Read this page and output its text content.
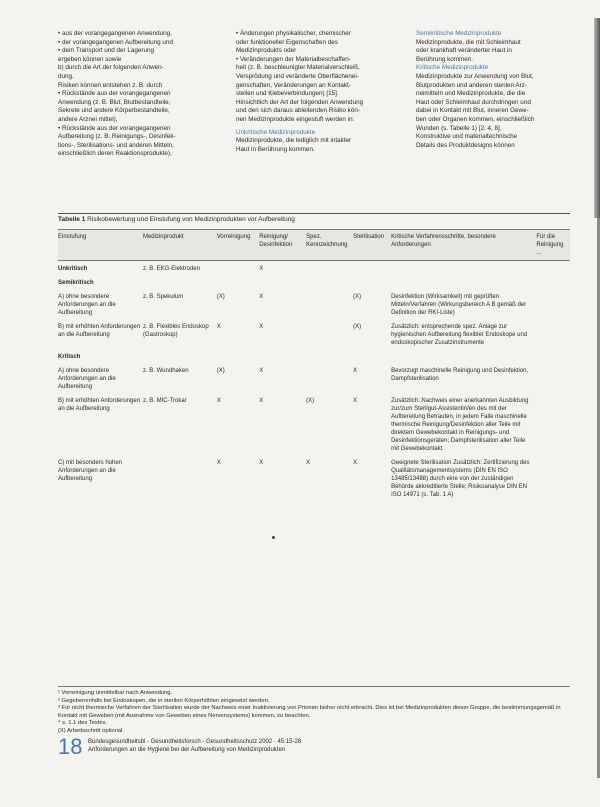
• aus der vorangegangenen Anwendung,

• der vorangegangenen Aufbereitung und

• dem Transport und der Lagerung

ergeben können sowie

b) durch die Art der folgenden Anwen-

dung.

Risiken können entstehen z. B. durch

• Rückstände aus der vorangegangenen

Anwendung (z. B. Blut, Blutbestandteile,

Sekrete und andere Körperbestandteile,

andere Arznei mittel),

• Rückstände aus der vorangegangenen

Aufbereitung (z. B. Reinigungs-, Desinfek-

tions-, Sterilisations- und anderen Mitteln,

einschließlich deren Reaktionsprodukte),

• Änderungen physikalischer, chemischer

oder funktioneller Eigenschaften des

Medizinprodukts oder

• Veränderungen der Materialbeschaffen-

heit (z. B. beschleunigter Materialverschleiß,

Versprödung und veränderte Oberflächenei-

genschaften, Veränderungen an Kontakt-

stellen und Klebeverbindungen) [15].

Hinsichtlich der Art der folgenden Anwendung

und den sich daraus ableitenden Risiko kön-

nen Medizinprodukte eingestuft werden in:

Unkritische Medizinprodukte

Medizinprodukte, die lediglich mit intakter

Haut in Berührung kommen.

Semikritische Medizinprodukte

Medizinprodukte, die mit Schleimhaut

oder krankhaft veränderter Haut in

Berührung kommen.

Kritische Medizinprodukte

Medizinprodukte zur Anwendung von Blut,

Blutprodukten und anderen sterilen Arz-

neimitteln und Medizinprodukte, die die

Haut oder Schleimhaut durchdringen und

dabei in Kontakt mit Blut, inneren Gewe-

ben oder Organen kommen, einschließlich

Wunden (s. Tabelle 1) [2, 4, 8].

Konstruktive und materialtechnische

Details des Produktdesigns können

Tabelle 1 Risikobewertung und Einstufung von Medizinprodukten vor Aufbereitung

Einstufung	Medizinprodukt	Vorreinigung	Reinigung/ Desinfektion	Spez. Kennzeichnung	Sterilisation	Kritische Verfahrensschritte, besondere Anforderungen	Für die Reinigung ...
Unkritisch	z. B. EKG-Elektroden		X				
Semikritisch							
A) ohne besondere Anforderungen an die Aufbereitung	z. B. Spekulum	(X)	X		(X)	Desinfektion (Wirksamkeit) mit geprüften Mitteln/Verfahren (Wirkungsbereich A B gemäß der Definition der RKI-Liste)	
B) mit erhöhten Anforderungen an die Aufbereitung	z. B. Flexibles Endoskop (Gastroskop)	X	X		(X)	Zusätzlich: entsprechende spez. Anlage zur hygienischen Aufbereitung flexibler Endoskope und endoskopischer Zusatzinstrumente	
Kritisch							
A) ohne besondere Anforderungen an die Aufbereitung	z. B. Wundhaken	(X)	X		X	Bevorzugt maschinelle Reinigung und Desinfektion, Dampfsterilisation	
B) mit erhöhten Anforderungen an die Aufbereitung	z. B. MIC-Trokar	X	X	(X)	X	Zusätzlich: Nachweis einer anerkannten Ausbildung zur/zum Sterilgut-Assistentin/en des mit der Aufbereitung Betrauten, in jedem Falle maschinelle thermische Reinigung/Desinfektion aller Teile mit direktem Gewebekontakt in Reinigungs- und Desinfektionsgeräten; Dampfsterilisation aller Teile mit Gewebekontakt	
C) mit besonders hohen Anforderungen an die Aufbereitung		X	X	X	X	Geeignete Sterilisation Zusätzlich: Zertifizierung des Qualitätsmanagementsystems (DIN EN ISO 13485/13488) durch eine von der zuständigen Behörde akkreditierte Stelle; Risikoanalyse DIN EN ISO 14971 (s. Tab. 1 A)	

¹ Vorreinigung unmittelbar nach Anwendung.

² Gegebenenfalls bei Endoskopen, die in sterilen Körperhöhlen eingesetzt werden.

³ Für nicht thermische Verfahren der Sterilisation wurde der Nachweis einer Inaktivierung von Prionen bisher nicht erbracht. Dies ist bei Medizinprodukten dieser Gruppe, die bestimmungsgemäß in Kontakt mit Geweben (mit Ausnahme von Geweben eines Nervensystems) kommen, zu beachten.

⁴ s. 1.1 des Textes.

(X) Arbeitsschritt optional.

18 Bundesgesundheitsbl - Gesundheitsforsch - Gesundheitsschutz 2002 · 45:15-28
Anforderungen an die Hygiene bei der Aufbereitung von Medizinprodukten
